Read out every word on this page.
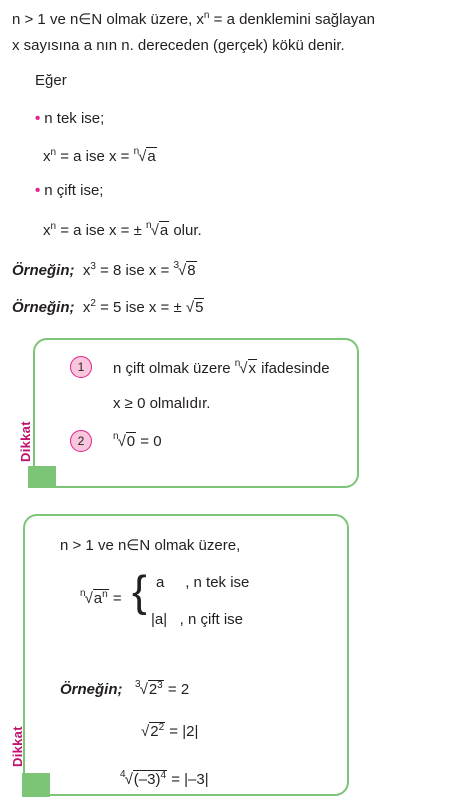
n > 1 ve n∈N olmak üzere, $x^n = a$ denklemini sağlayan
x sayısına a nın n. dereceden (gerçek) kökü denir.
Eğer
• n tek ise;
$x^n = a$ ise x = $^n$√a
• n çift ise;
$x^n = a$ ise x = ± $^n$√a olur.
Örneğin; $x^3 = 8$ ise x = $^3$√8
Örneğin; $x^2 = 5$ ise x = ± √5
Dikkat
1	n çift olmak üzere $^n$√x ifadesinde
x ≥ 0 olmalıdır.
2	$^n$√0 = 0
Dikkat
n > 1 ve n∈N olmak üzere,
$^n√a^n$ = { a , n tek ise
|a| , n çift ise
Örneğin; $^3√2^3 = 2$
$√2^2 = |2|$
$^4√(-3)^4 = |-3|$
